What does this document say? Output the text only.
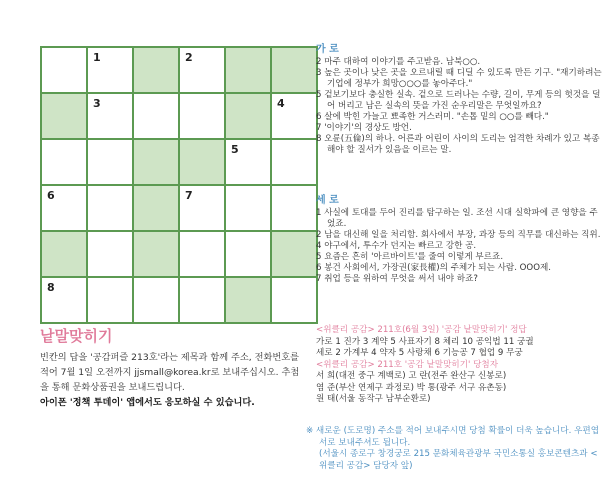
1	2
3	4
5
6	7
8
낱말맞히기

빈칸의 답을 '공감퍼즐 213호'라는 제목과 함께 주소, 전화번호를 적어 7월 1일 오전까지 jjsmall@korea.kr로 보내주십시오. 추첨을 통해 문화상품권을 보내드립니다.

아이폰 '정책 투데이' 앱에서도 응모하실 수 있습니다.

가 로
2 마주 대하여 이야기를 주고받음. 남북○○.
3 높은 곳이나 낮은 곳을 오르내릴 때 디딜 수 있도록 만든 기구. "재기하려는 기업에 정부가 희망○○○를 놓아주다."
5 겉보기보다 충실한 실속. 겉으로 드러나는 수량, 길이, 무게 등의 헛것을 덜어 버리고 남은 실속의 뜻을 가진 순우리말은 무엇일까요?
6 살에 박힌 가늘고 뾰족한 거스러미. "손톱 밑의 ○○를 빼다."
7 '이야기'의 경상도 방언.
8 오륜(五倫)의 하나. 어른과 어린이 사이의 도리는 엄격한 차례가 있고 복종해야 할 질서가 있음을 이르는 말.
세 로
1 사실에 토대를 두어 진리를 탐구하는 일. 조선 시대 실학파에 큰 영향을 주었죠.
2 남을 대신해 일을 처리함. 회사에서 부장, 과장 등의 직무를 대신하는 직위.
4 야구에서, 투수가 던지는 빠르고 강한 공.
5 요즘은 흔히 '아르바이트'를 줄여 이렇게 부르죠.
6 봉건 사회에서, 가장권(家長權)의 주체가 되는 사람. OOO제.
7 취업 등을 위하여 무엇을 써서 내야 하죠?
<위클리 공감> 211호(6월 3일) '공감 낱말맞히기' 정답
가로 1 진가 3 계약 5 사표자기 8 체리 10 공익법 11 궁궐
세로 2 가계부 4 약자 5 사랑채 6 기능공 7 협업 9 무궁
<위클리 공감> 211호 '공감 낱말맞히기' 당첨자
서 희(대전 중구 계백로) 고 란(전주 완산구 신봉로)
염 준(부산 연제구 과정로) 박 통(광주 서구 유촌동)
원 태(서울 동작구 남부순환로)
※ 새로운 (도로명) 주소를 적어 보내주시면 당첨 확률이 더욱 높습니다. 우편엽서로 보내주셔도 됩니다.
(서울시 종로구 창경궁로 215 문화체육관광부 국민소통실 홍보콘텐츠과 <위클리 공감> 담당자 앞)
